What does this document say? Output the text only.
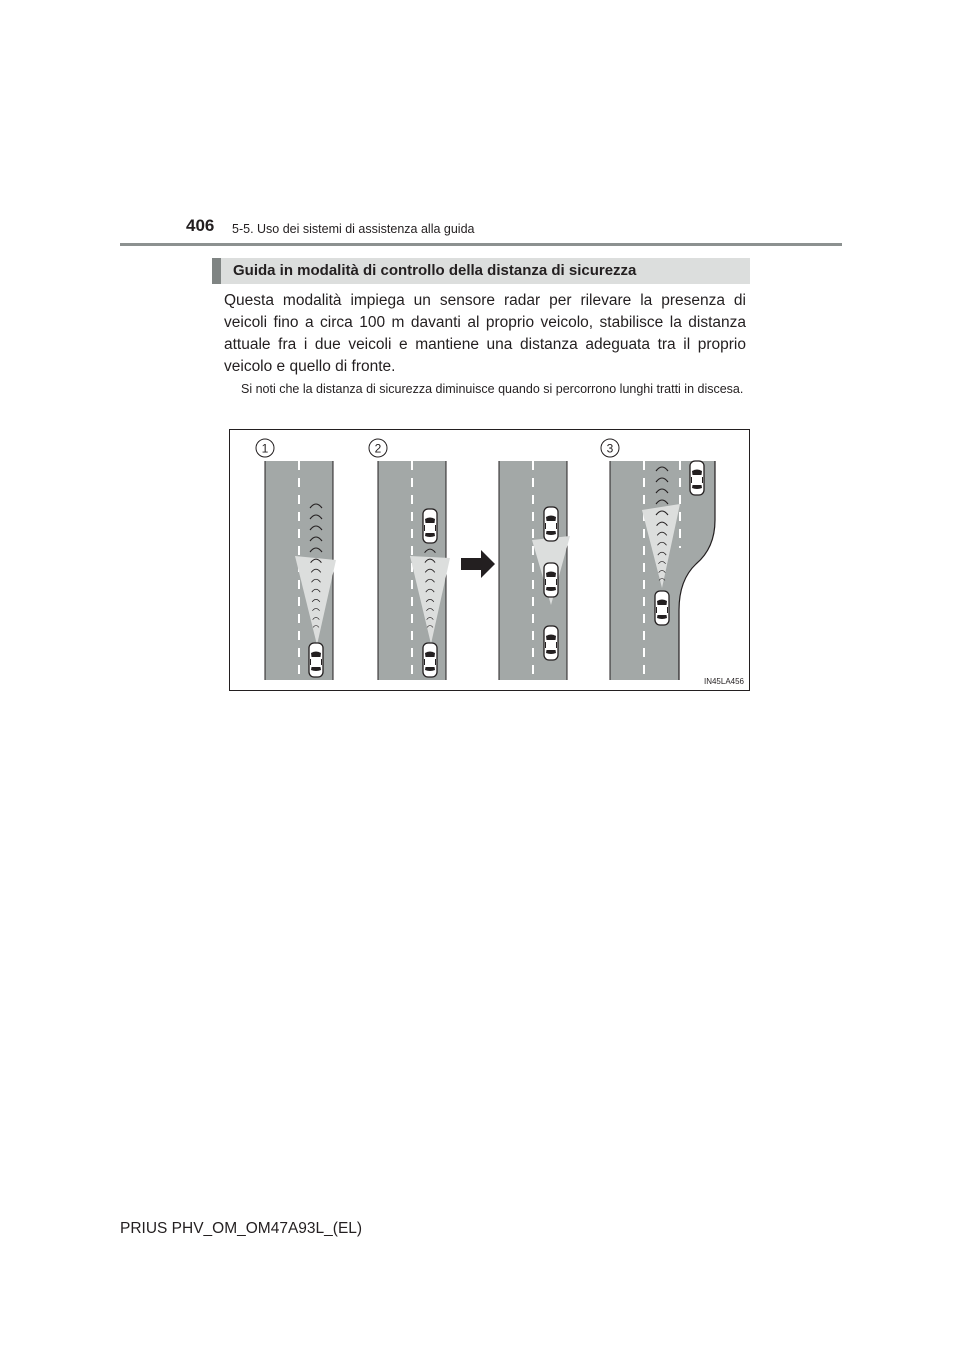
406 5-5. Uso dei sistemi di assistenza alla guida
Guida in modalità di controllo della distanza di sicurezza
Questa modalità impiega un sensore radar per rilevare la presenza di veicoli fino a circa 100 m davanti al proprio veicolo, stabilisce la distanza attuale fra i due veicoli e mantiene una distanza adeguata tra il proprio veicolo e quello di fronte.
Si noti che la distanza di sicurezza diminuisce quando si percorrono lunghi tratti in discesa.
1	2	3
IN45LA456
PRIUS PHV_OM_OM47A93L_(EL)
